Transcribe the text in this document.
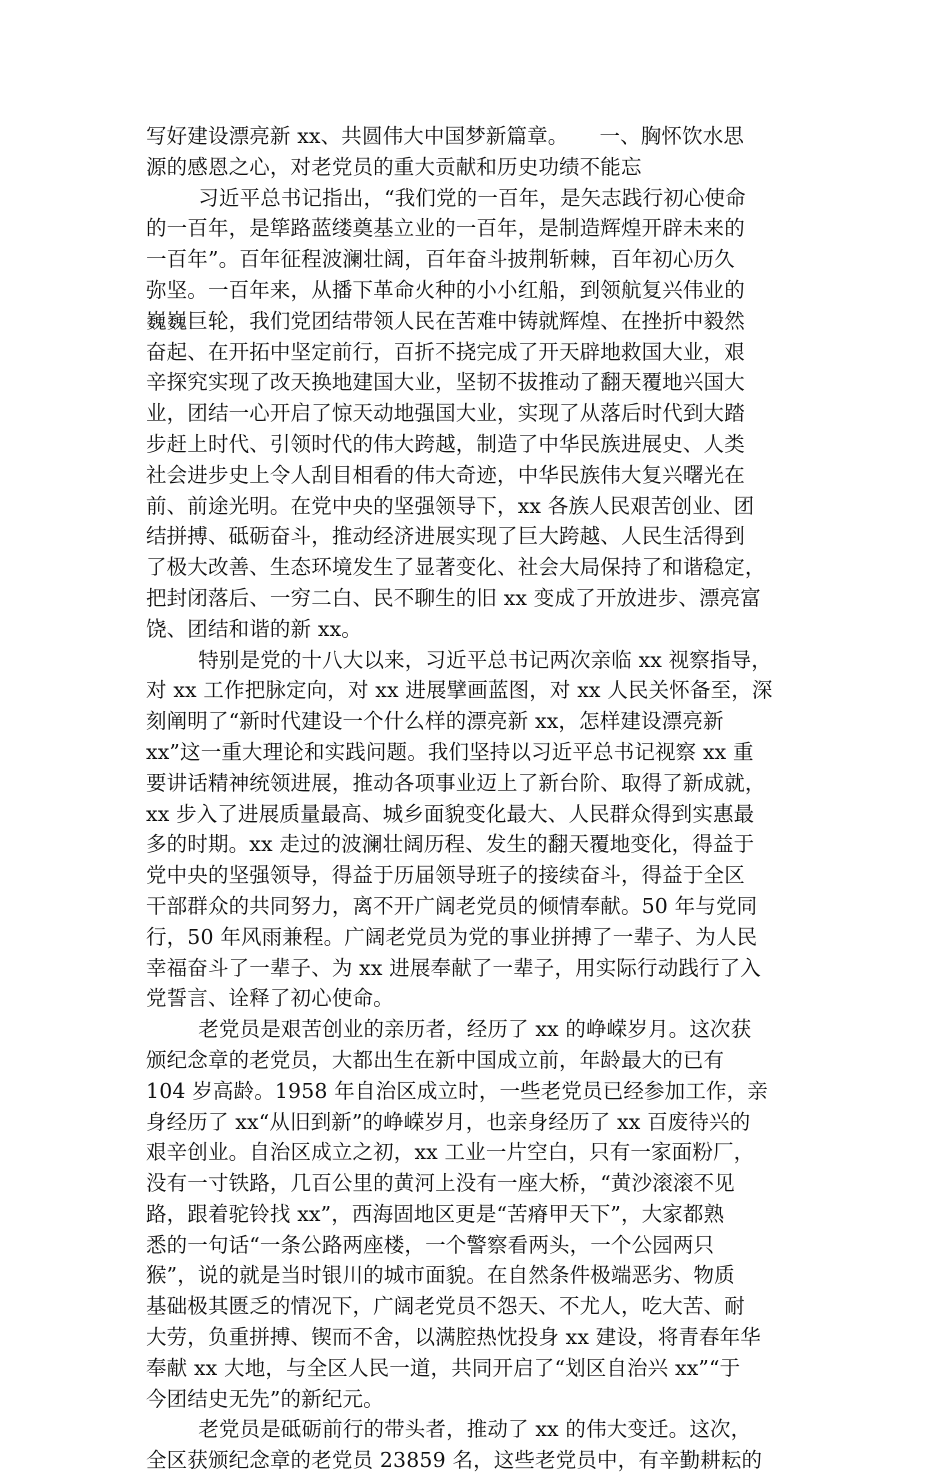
写好建设漂亮新 xx、共圆伟大中国梦新篇章。　　一、胸怀饮水思
源的感恩之心，对老党员的重大贡献和历史功绩不能忘
习近平总书记指出，“我们党的一百年，是矢志践行初心使命
的一百年，是筚路蓝缕奠基立业的一百年，是制造辉煌开辟未来的
一百年”。百年征程波澜壮阔，百年奋斗披荆斩棘，百年初心历久
弥坚。一百年来，从播下革命火种的小小红船，到领航复兴伟业的
巍巍巨轮，我们党团结带领人民在苦难中铸就辉煌、在挫折中毅然
奋起、在开拓中坚定前行，百折不挠完成了开天辟地救国大业，艰
辛探究实现了改天换地建国大业，坚韧不拔推动了翻天覆地兴国大
业，团结一心开启了惊天动地强国大业，实现了从落后时代到大踏
步赶上时代、引领时代的伟大跨越，制造了中华民族进展史、人类
社会进步史上令人刮目相看的伟大奇迹，中华民族伟大复兴曙光在
前、前途光明。在党中央的坚强领导下，xx 各族人民艰苦创业、团
结拼搏、砥砺奋斗，推动经济进展实现了巨大跨越、人民生活得到
了极大改善、生态环境发生了显著变化、社会大局保持了和谐稳定，
把封闭落后、一穷二白、民不聊生的旧 xx 变成了开放进步、漂亮富
饶、团结和谐的新 xx。
特别是党的十八大以来，习近平总书记两次亲临 xx 视察指导，
对 xx 工作把脉定向，对 xx 进展擘画蓝图，对 xx 人民关怀备至，深
刻阐明了“新时代建设一个什么样的漂亮新 xx，怎样建设漂亮新
xx”这一重大理论和实践问题。我们坚持以习近平总书记视察 xx 重
要讲话精神统领进展，推动各项事业迈上了新台阶、取得了新成就，
xx 步入了进展质量最高、城乡面貌变化最大、人民群众得到实惠最
多的时期。xx 走过的波澜壮阔历程、发生的翻天覆地变化，得益于
党中央的坚强领导，得益于历届领导班子的接续奋斗，得益于全区
干部群众的共同努力，离不开广阔老党员的倾情奉献。50 年与党同
行，50 年风雨兼程。广阔老党员为党的事业拼搏了一辈子、为人民
幸福奋斗了一辈子、为 xx 进展奉献了一辈子，用实际行动践行了入
党誓言、诠释了初心使命。
老党员是艰苦创业的亲历者，经历了 xx 的峥嵘岁月。这次获
颁纪念章的老党员，大都出生在新中国成立前，年龄最大的已有
104 岁高龄。1958 年自治区成立时，一些老党员已经参加工作，亲
身经历了 xx“从旧到新”的峥嵘岁月，也亲身经历了 xx 百废待兴的
艰辛创业。自治区成立之初，xx 工业一片空白，只有一家面粉厂，
没有一寸铁路，几百公里的黄河上没有一座大桥，“黄沙滚滚不见
路，跟着驼铃找 xx”，西海固地区更是“苦瘠甲天下”，大家都熟
悉的一句话“一条公路两座楼，一个警察看两头，一个公园两只
猴”，说的就是当时银川的城市面貌。在自然条件极端恶劣、物质
基础极其匮乏的情况下，广阔老党员不怨天、不尤人，吃大苦、耐
大劳，负重拼搏、锲而不舍，以满腔热忱投身 xx 建设，将青春年华
奉献 xx 大地，与全区人民一道，共同开启了“划区自治兴 xx”“于
今团结史无先”的新纪元。
老党员是砥砺前行的带头者，推动了 xx 的伟大变迁。这次，
全区获颁纪念章的老党员 23859 名，这些老党员中，有辛勤耕耘的
